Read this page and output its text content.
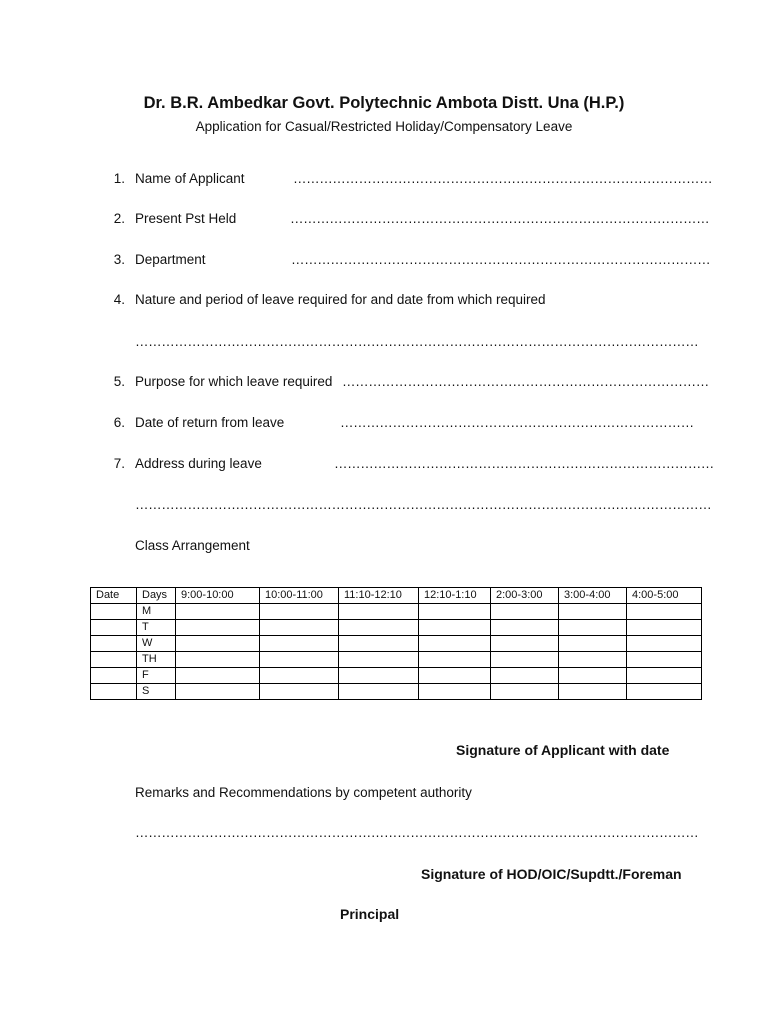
Dr. B.R. Ambedkar Govt. Polytechnic Ambota Distt. Una (H.P.)
Application for Casual/Restricted Holiday/Compensatory Leave
1. Name of Applicant	……………………………………………………………………………………
2. Present Pst Held	……………………………………………………………………………………
3. Department	……………………………………………………………………………………
4. Nature and period of leave required for and date from which required
…………………………………………………………………………………………………………………
5. Purpose for which leave required …………………………………………………………………………
6. Date of return from leave	………………………………………………………………………
7. Address during leave	……………………………………………………………………………
……………………………………………………………………………………………………………………
Class Arrangement
Date	Days	9:00-10:00	10:00-11:00	11:10-12:10	12:10-1:10	2:00-3:00	3:00-4:00	4:00-5:00
	M							
	T							
	W							
	TH							
	F							
	S							
Signature of Applicant with date
Remarks and Recommendations by competent authority
…………………………………………………………………………………………………………………
Signature of HOD/OIC/Supdtt./Foreman
Principal
